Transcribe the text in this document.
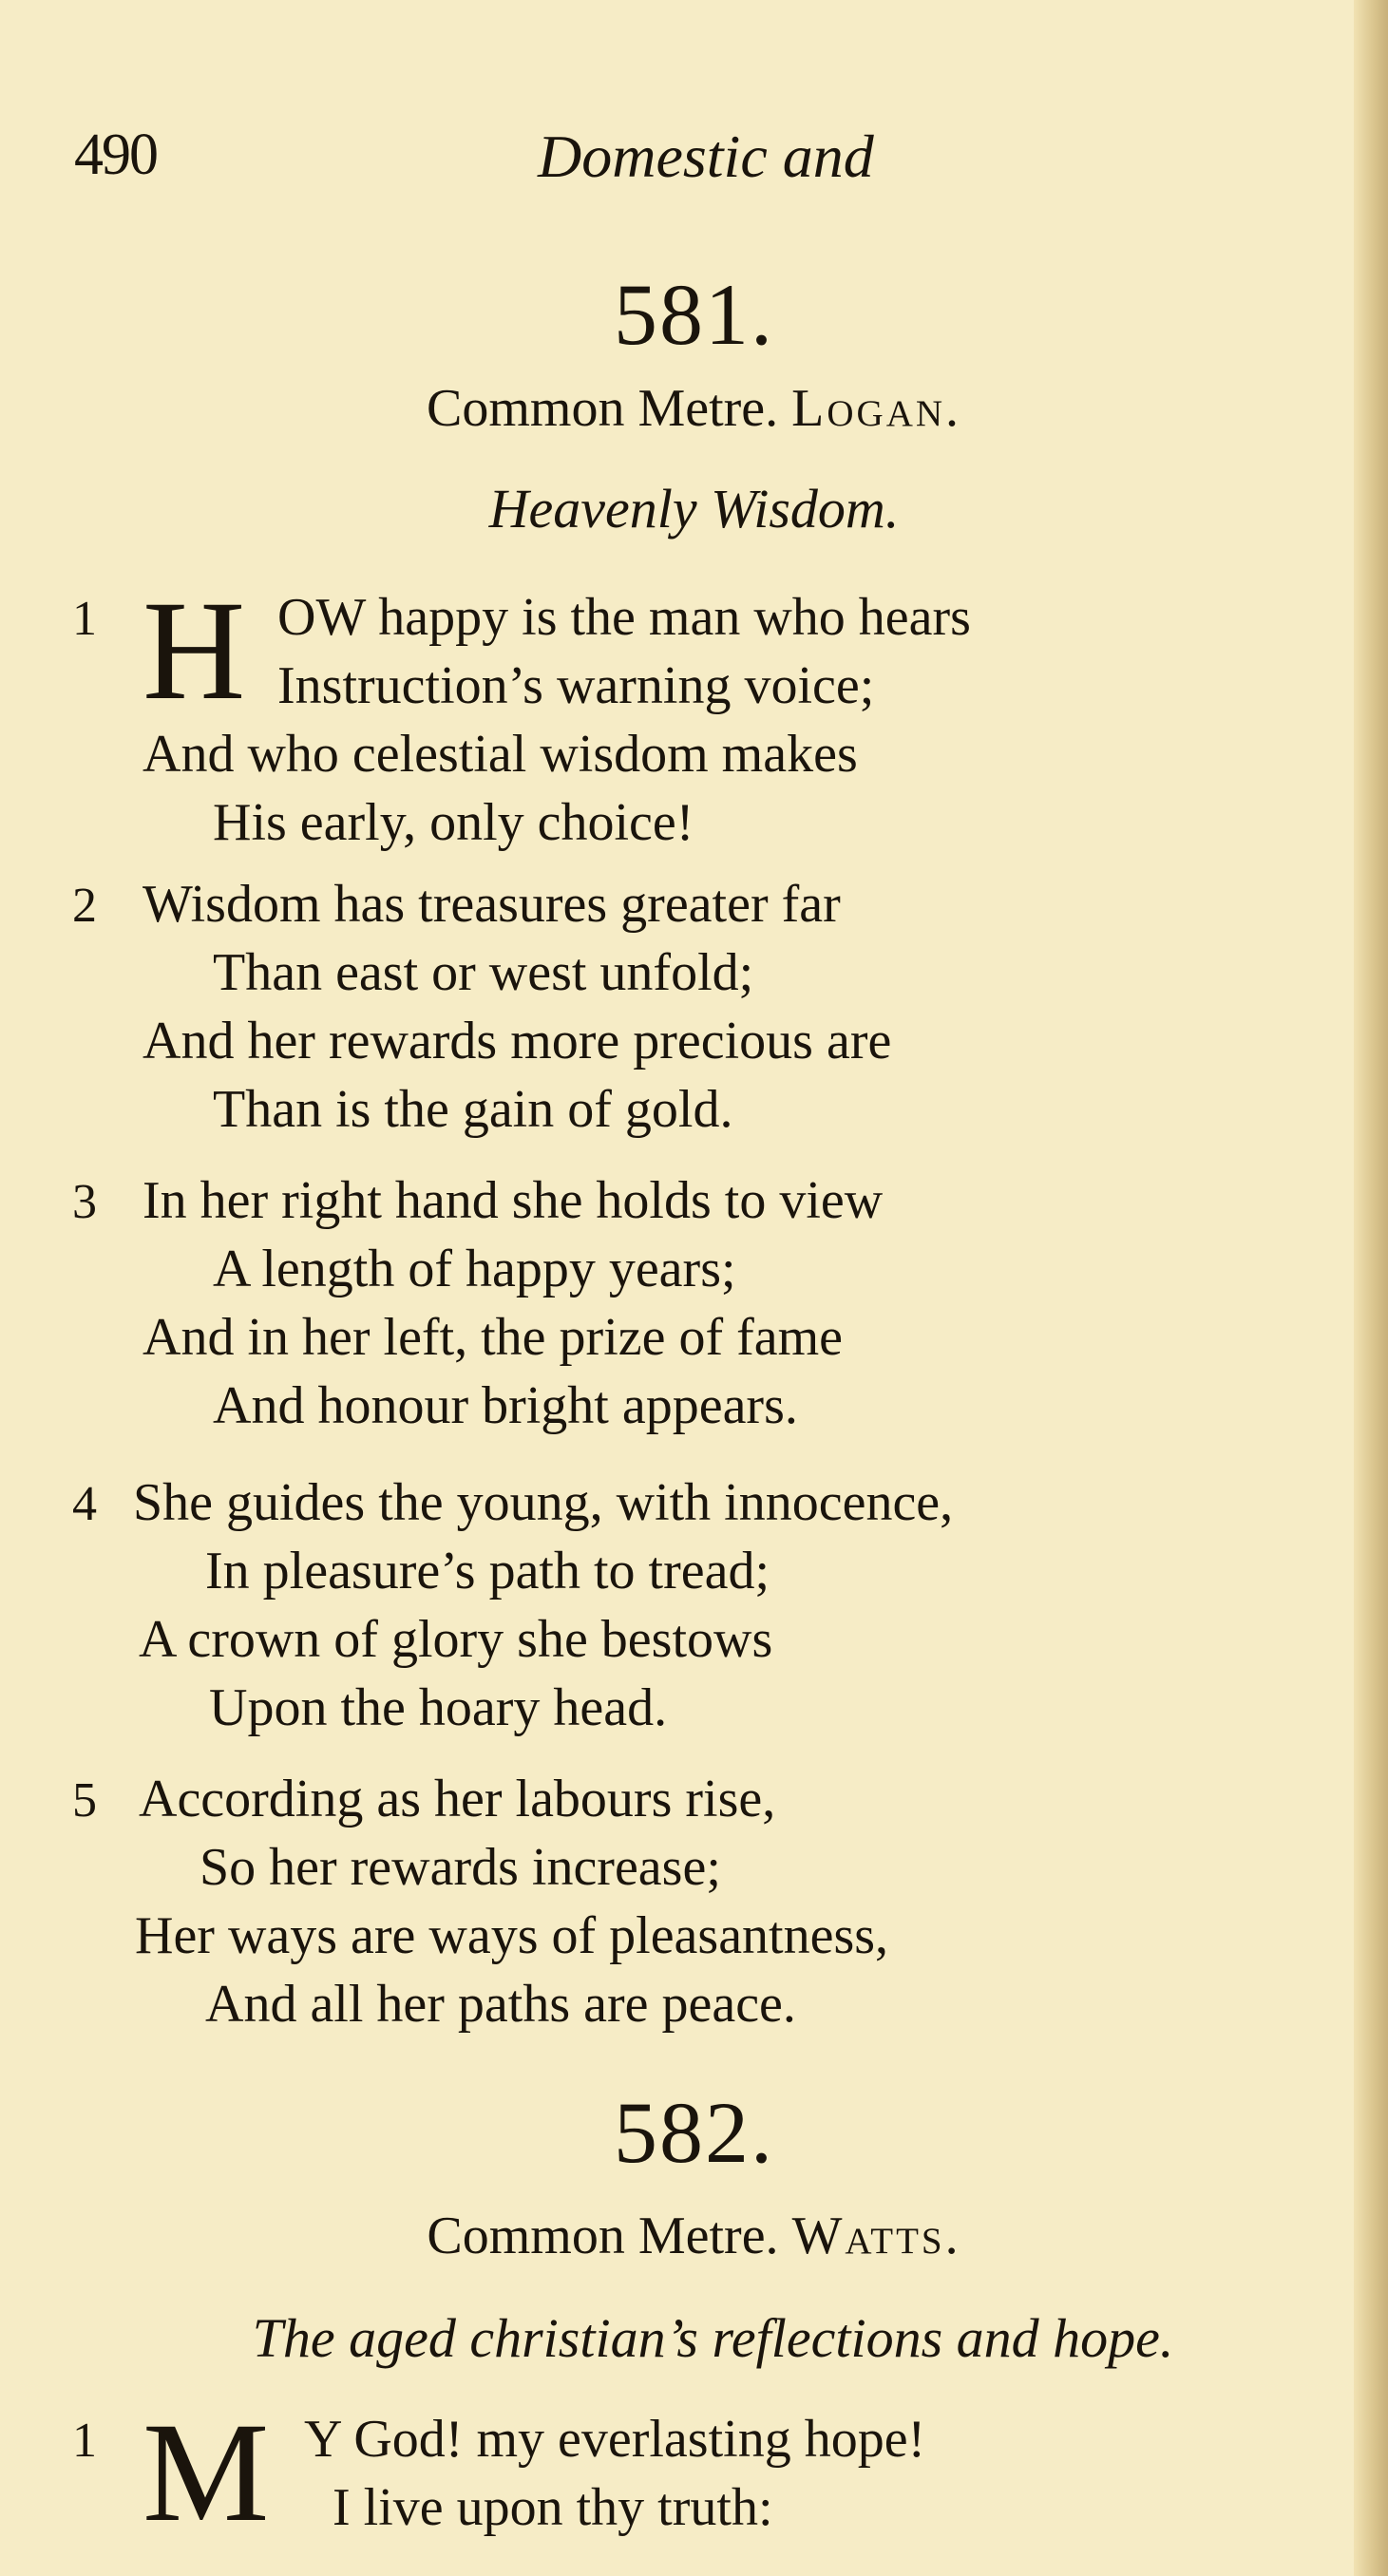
490	Domestic and
581.
Common Metre. Logan.
Heavenly Wisdom.
1 H OW happy is the man who hears
Instruction’s warning voice;
And who celestial wisdom makes
His early, only choice!
2 Wisdom has treasures greater far
Than east or west unfold;
And her rewards more precious are
Than is the gain of gold.
3 In her right hand she holds to view
A length of happy years;
And in her left, the prize of fame
And honour bright appears.
4 She guides the young, with innocence,
In pleasure’s path to tread;
A crown of glory she bestows
Upon the hoary head.
5 According as her labours rise,
So her rewards increase;
Her ways are ways of pleasantness,
And all her paths are peace.
582.
Common Metre. Watts.
The aged christian’s reflections and hope.
1 M Y God! my everlasting hope!
I live upon thy truth:
